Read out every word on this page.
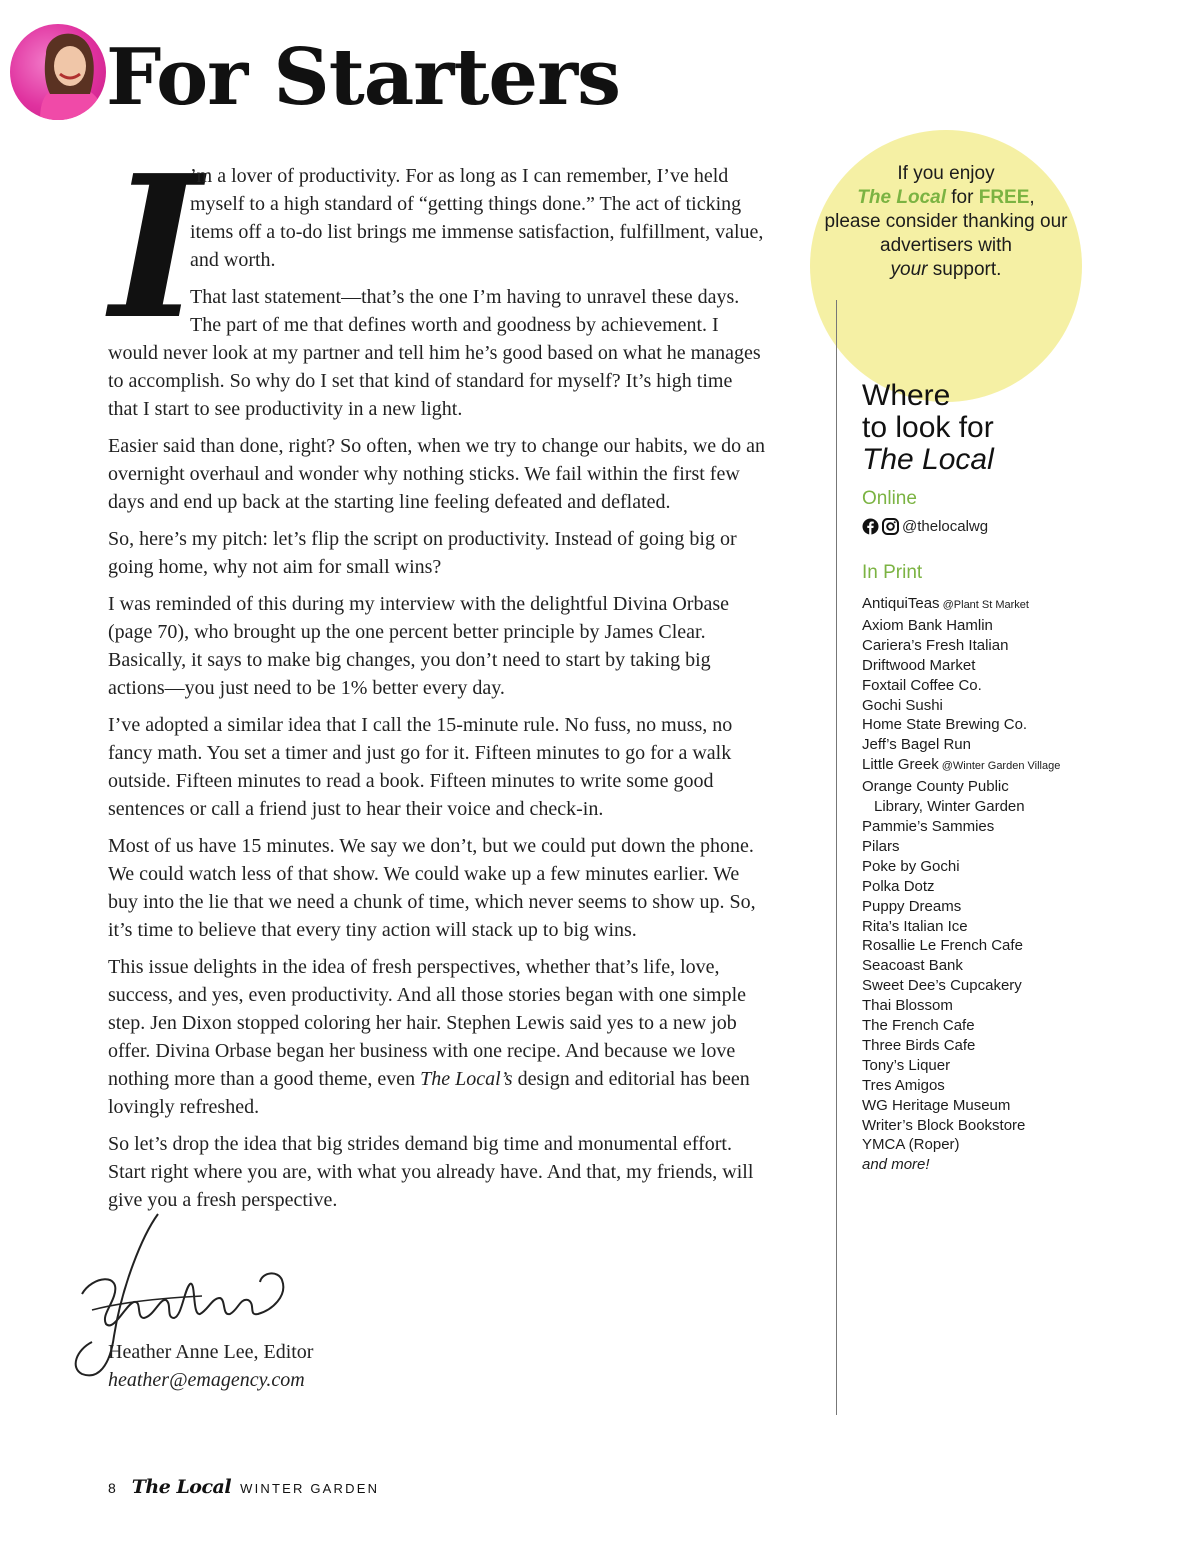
For Starters
I

’m a lover of productivity. For as long as I can remember, I’ve held myself to a high standard of “getting things done.” The act of ticking items off a to-do list brings me immense satisfaction, fulfillment, value, and worth.

That last statement—that’s the one I’m having to unravel these days. The part of me that defines worth and goodness by achievement. I would never look at my partner and tell him he’s good based on what he manages to accomplish. So why do I set that kind of standard for myself? It’s high time that I start to see productivity in a new light.

Easier said than done, right? So often, when we try to change our habits, we do an overnight overhaul and wonder why nothing sticks. We fail within the first few days and end up back at the starting line feeling defeated and deflated.

So, here’s my pitch: let’s flip the script on productivity. Instead of going big or going home, why not aim for small wins?

I was reminded of this during my interview with the delightful Divina Orbase (page 70), who brought up the one percent better principle by James Clear. Basically, it says to make big changes, you don’t need to start by taking big actions—you just need to be 1% better every day.

I’ve adopted a similar idea that I call the 15-minute rule. No fuss, no muss, no fancy math. You set a timer and just go for it. Fifteen minutes to go for a walk outside. Fifteen minutes to read a book. Fifteen minutes to write some good sentences or call a friend just to hear their voice and check-in.

Most of us have 15 minutes. We say we don’t, but we could put down the phone. We could watch less of that show. We could wake up a few minutes earlier. We buy into the lie that we need a chunk of time, which never seems to show up. So, it’s time to believe that every tiny action will stack up to big wins.

This issue delights in the idea of fresh perspectives, whether that’s life, love, success, and yes, even productivity. And all those stories began with one simple step. Jen Dixon stopped coloring her hair. Stephen Lewis said yes to a new job offer. Divina Orbase began her business with one recipe. And because we love nothing more than a good theme, even The Local’s design and editorial has been lovingly refreshed.

So let’s drop the idea that big strides demand big time and monumental effort. Start right where you are, with what you already have. And that, my friends, will give you a fresh perspective.

Heather Anne Lee, Editor
heather@emagency.com
If you enjoy
The Local for FREE,
please consider thanking our advertisers with
your support.
Where
to look for
The Local
Online
@thelocalwg
In Print
AntiquiTeas @Plant St Market
Axiom Bank Hamlin
Cariera’s Fresh Italian
Driftwood Market
Foxtail Coffee Co.
Gochi Sushi
Home State Brewing Co.
Jeff’s Bagel Run
Little Greek @Winter Garden Village
Orange County Public
Library, Winter Garden
Pammie’s Sammies
Pilars
Poke by Gochi
Polka Dotz
Puppy Dreams
Rita’s Italian Ice
Rosallie Le French Cafe
Seacoast Bank
Sweet Dee’s Cupcakery
Thai Blossom
The French Cafe
Three Birds Cafe
Tony’s Liquer
Tres Amigos
WG Heritage Museum
Writer’s Block Bookstore
YMCA (Roper)
and more!
8 The Local WINTER GARDEN
